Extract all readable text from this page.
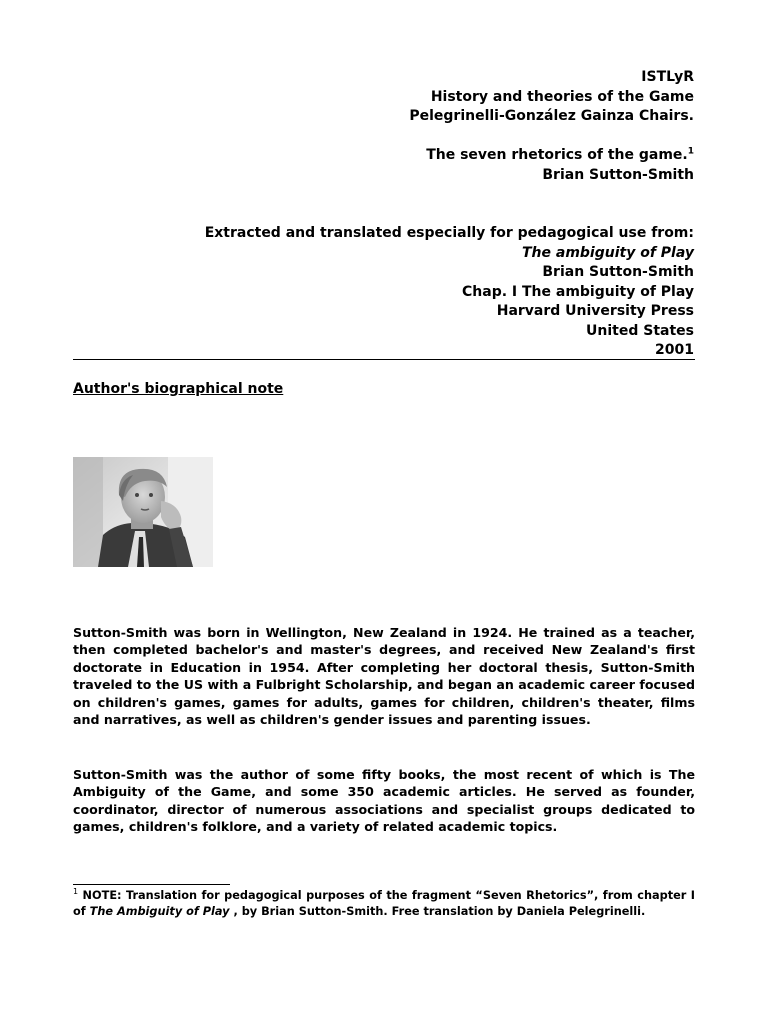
ISTLyR
History and theories of the Game
Pelegrinelli-González Gainza Chairs.
The seven rhetorics of the game.$^1$
Brian Sutton-Smith
Extracted and translated especially for pedagogical use from:
The ambiguity of Play
Brian Sutton-Smith
Chap. I The ambiguity of Play
Harvard University Press
United States
2001
Author's biographical note
Sutton-Smith was born in Wellington, New Zealand in 1924. He trained as a teacher, then completed bachelor's and master's degrees, and received New Zealand's first doctorate in Education in 1954. After completing her doctoral thesis, Sutton-Smith traveled to the US with a Fulbright Scholarship, and began an academic career focused on children's games, games for adults, games for children, children's theater, films and narratives, as well as children's gender issues and parenting issues.
Sutton-Smith was the author of some fifty books, the most recent of which is The Ambiguity of the Game, and some 350 academic articles. He served as founder, coordinator, director of numerous associations and specialist groups dedicated to games, children's folklore, and a variety of related academic topics.
$^1$ NOTE: Translation for pedagogical purposes of the fragment “Seven Rhetorics”, from chapter I of The Ambiguity of Play , by Brian Sutton-Smith. Free translation by Daniela Pelegrinelli.
